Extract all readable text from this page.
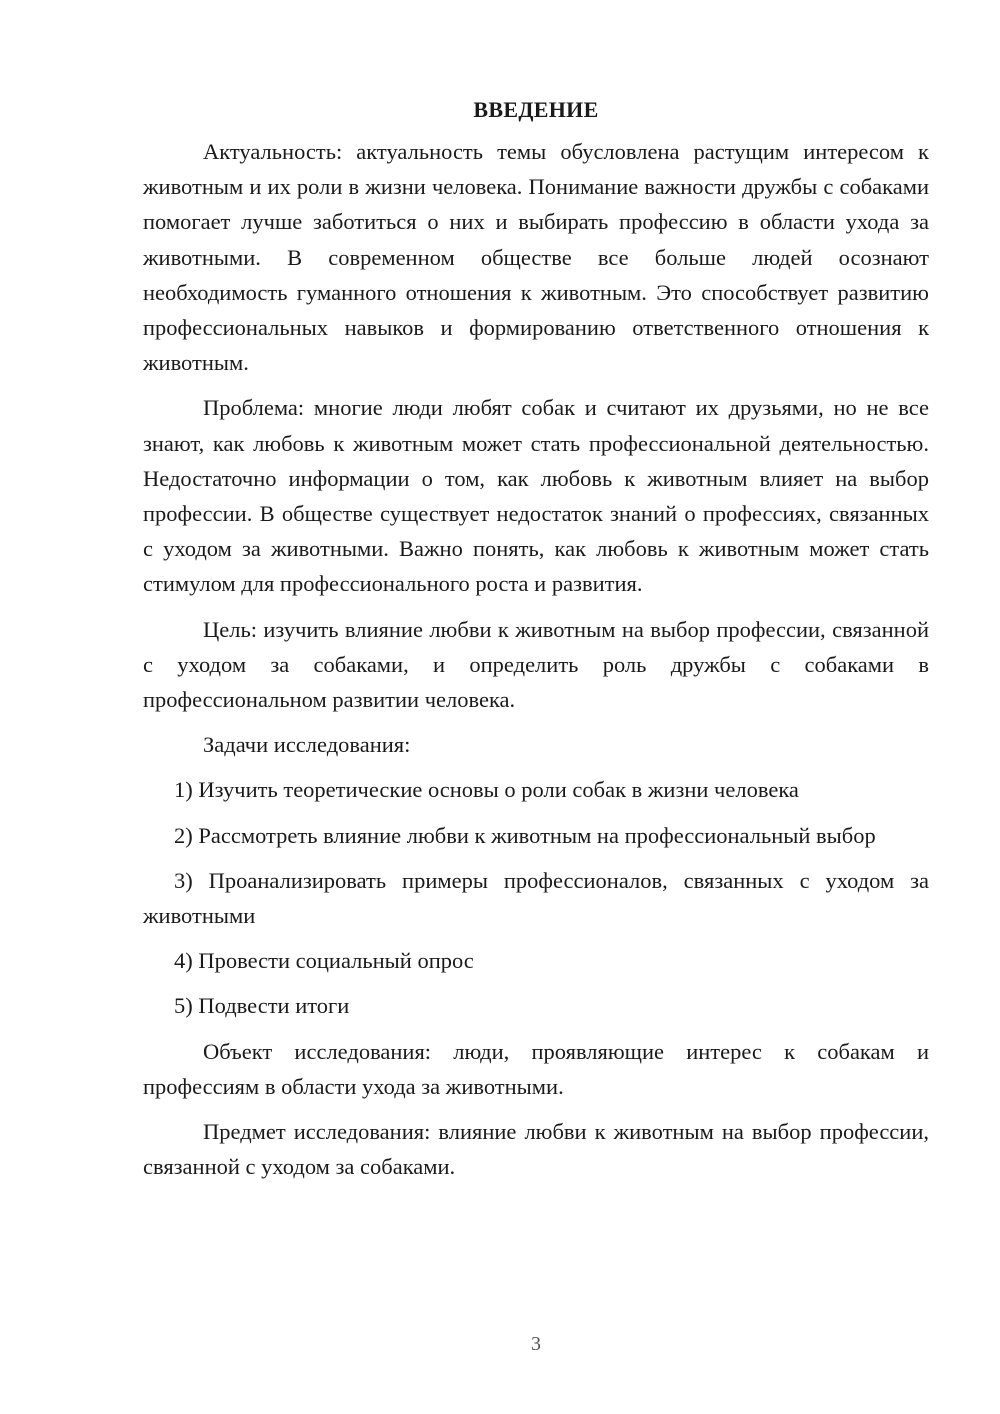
ВВЕДЕНИЕ

Актуальность: актуальность темы обусловлена растущим интересом к животным и их роли в жизни человека. Понимание важности дружбы с собаками помогает лучше заботиться о них и выбирать профессию в области ухода за животными. В современном обществе все больше людей осознают необходимость гуманного отношения к животным. Это способствует развитию профессиональных навыков и формированию ответственного отношения к животным.

Проблема: многие люди любят собак и считают их друзьями, но не все знают, как любовь к животным может стать профессиональной деятельностью. Недостаточно информации о том, как любовь к животным влияет на выбор профессии. В обществе существует недостаток знаний о профессиях, связанных с уходом за животными. Важно понять, как любовь к животным может стать стимулом для профессионального роста и развития.

Цель: изучить влияние любви к животным на выбор профессии, связанной с уходом за собаками, и определить роль дружбы с собаками в профессиональном развитии человека.

Задачи исследования:

1) Изучить теоретические основы о роли собак в жизни человека

2) Рассмотреть влияние любви к животным на профессиональный выбор

3) Проанализировать примеры профессионалов, связанных с уходом за животными

4) Провести социальный опрос

5) Подвести итоги

Объект исследования: люди, проявляющие интерес к собакам и профессиям в области ухода за животными.

Предмет исследования: влияние любви к животным на выбор профессии, связанной с уходом за собаками.

3
